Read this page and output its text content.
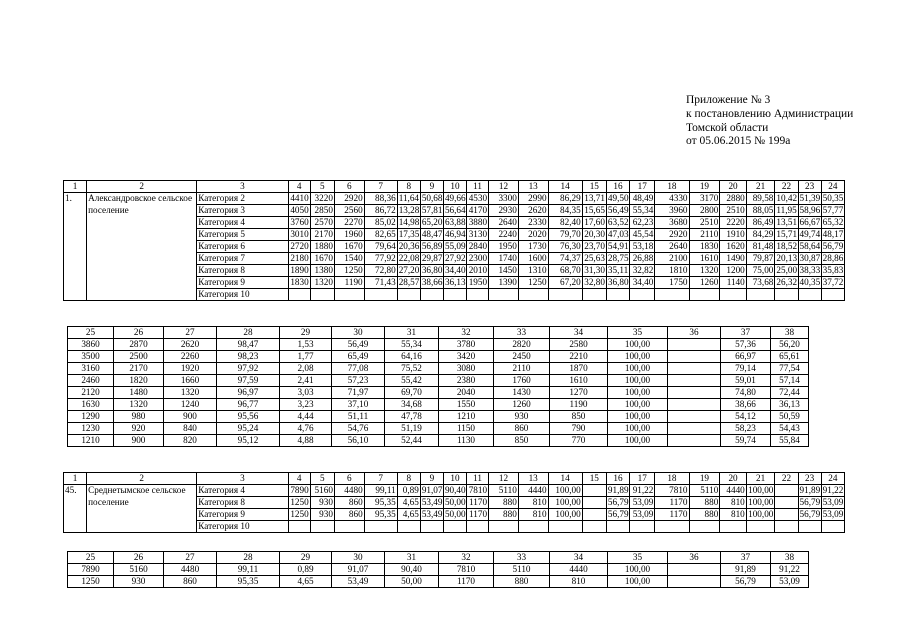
Приложение № 3
к постановлению Администрации
Томской области
от 05.06.2015 № 199а
1	2	3	4	5	6	7	8	9	10	11	12	13	14	15	16	17	18	19	20	21	22	23	24
1.	Александровское сельское поселение	Категория 2	4410	3220	2920	88,36	11,64	50,68	49,66	4530	3300	2990	86,29	13,71	49,50	48,49	4330	3170	2880	89,58	10,42	51,39	50,35
		Категория 3	4050	2850	2560	86,72	13,28	57,81	56,64	4170	2930	2620	84,35	15,65	56,49	55,34	3960	2800	2510	88,05	11,95	58,96	57,77
		Категория 4	3760	2570	2270	85,02	14,98	65,20	63,88	3880	2640	2330	82,40	17,60	63,52	62,23	3680	2510	2220	86,49	13,51	66,67	65,32
		Категория 5	3010	2170	1960	82,65	17,35	48,47	46,94	3130	2240	2020	79,70	20,30	47,03	45,54	2920	2110	1910	84,29	15,71	49,74	48,17
		Категория 6	2720	1880	1670	79,64	20,36	56,89	55,09	2840	1950	1730	76,30	23,70	54,91	53,18	2640	1830	1620	81,48	18,52	58,64	56,79
		Категория 7	2180	1670	1540	77,92	22,08	29,87	27,92	2300	1740	1600	74,37	25,63	28,75	26,88	2100	1610	1490	79,87	20,13	30,87	28,86
		Категория 8	1890	1380	1250	72,80	27,20	36,80	34,40	2010	1450	1310	68,70	31,30	35,11	32,82	1810	1320	1200	75,00	25,00	38,33	35,83
		Категория 9	1830	1320	1190	71,43	28,57	38,66	36,13	1950	1390	1250	67,20	32,80	36,80	34,40	1750	1260	1140	73,68	26,32	40,35	37,72
		Категория 10																					
25	26	27	28	29	30	31	32	33	34	35	36	37	38
3860	2870	2620	98,47	1,53	56,49	55,34	3780	2820	2580	100,00		57,36	56,20
3500	2500	2260	98,23	1,77	65,49	64,16	3420	2450	2210	100,00		66,97	65,61
3160	2170	1920	97,92	2,08	77,08	75,52	3080	2110	1870	100,00		79,14	77,54
2460	1820	1660	97,59	2,41	57,23	55,42	2380	1760	1610	100,00		59,01	57,14
2120	1480	1320	96,97	3,03	71,97	69,70	2040	1430	1270	100,00		74,80	72,44
1630	1320	1240	96,77	3,23	37,10	34,68	1550	1260	1190	100,00		38,66	36,13
1290	980	900	95,56	4,44	51,11	47,78	1210	930	850	100,00		54,12	50,59
1230	920	840	95,24	4,76	54,76	51,19	1150	860	790	100,00		58,23	54,43
1210	900	820	95,12	4,88	56,10	52,44	1130	850	770	100,00		59,74	55,84
1	2	3	4	5	6	7	8	9	10	11	12	13	14	15	16	17	18	19	20	21	22	23	24
45.	Среднетымское сельское поселение	Категория 4	7890	5160	4480	99,11	0,89	91,07	90,40	7810	5110	4440	100,00		91,89	91,22	7810	5110	4440	100,00		91,89	91,22
		Категория 8	1250	930	860	95,35	4,65	53,49	50,00	1170	880	810	100,00		56,79	53,09	1170	880	810	100,00		56,79	53,09
		Категория 9	1250	930	860	95,35	4,65	53,49	50,00	1170	880	810	100,00		56,79	53,09	1170	880	810	100,00		56,79	53,09
		Категория 10																					
25	26	27	28	29	30	31	32	33	34	35	36	37	38
7890	5160	4480	99,11	0,89	91,07	90,40	7810	5110	4440	100,00		91,89	91,22
1250	930	860	95,35	4,65	53,49	50,00	1170	880	810	100,00		56,79	53,09
